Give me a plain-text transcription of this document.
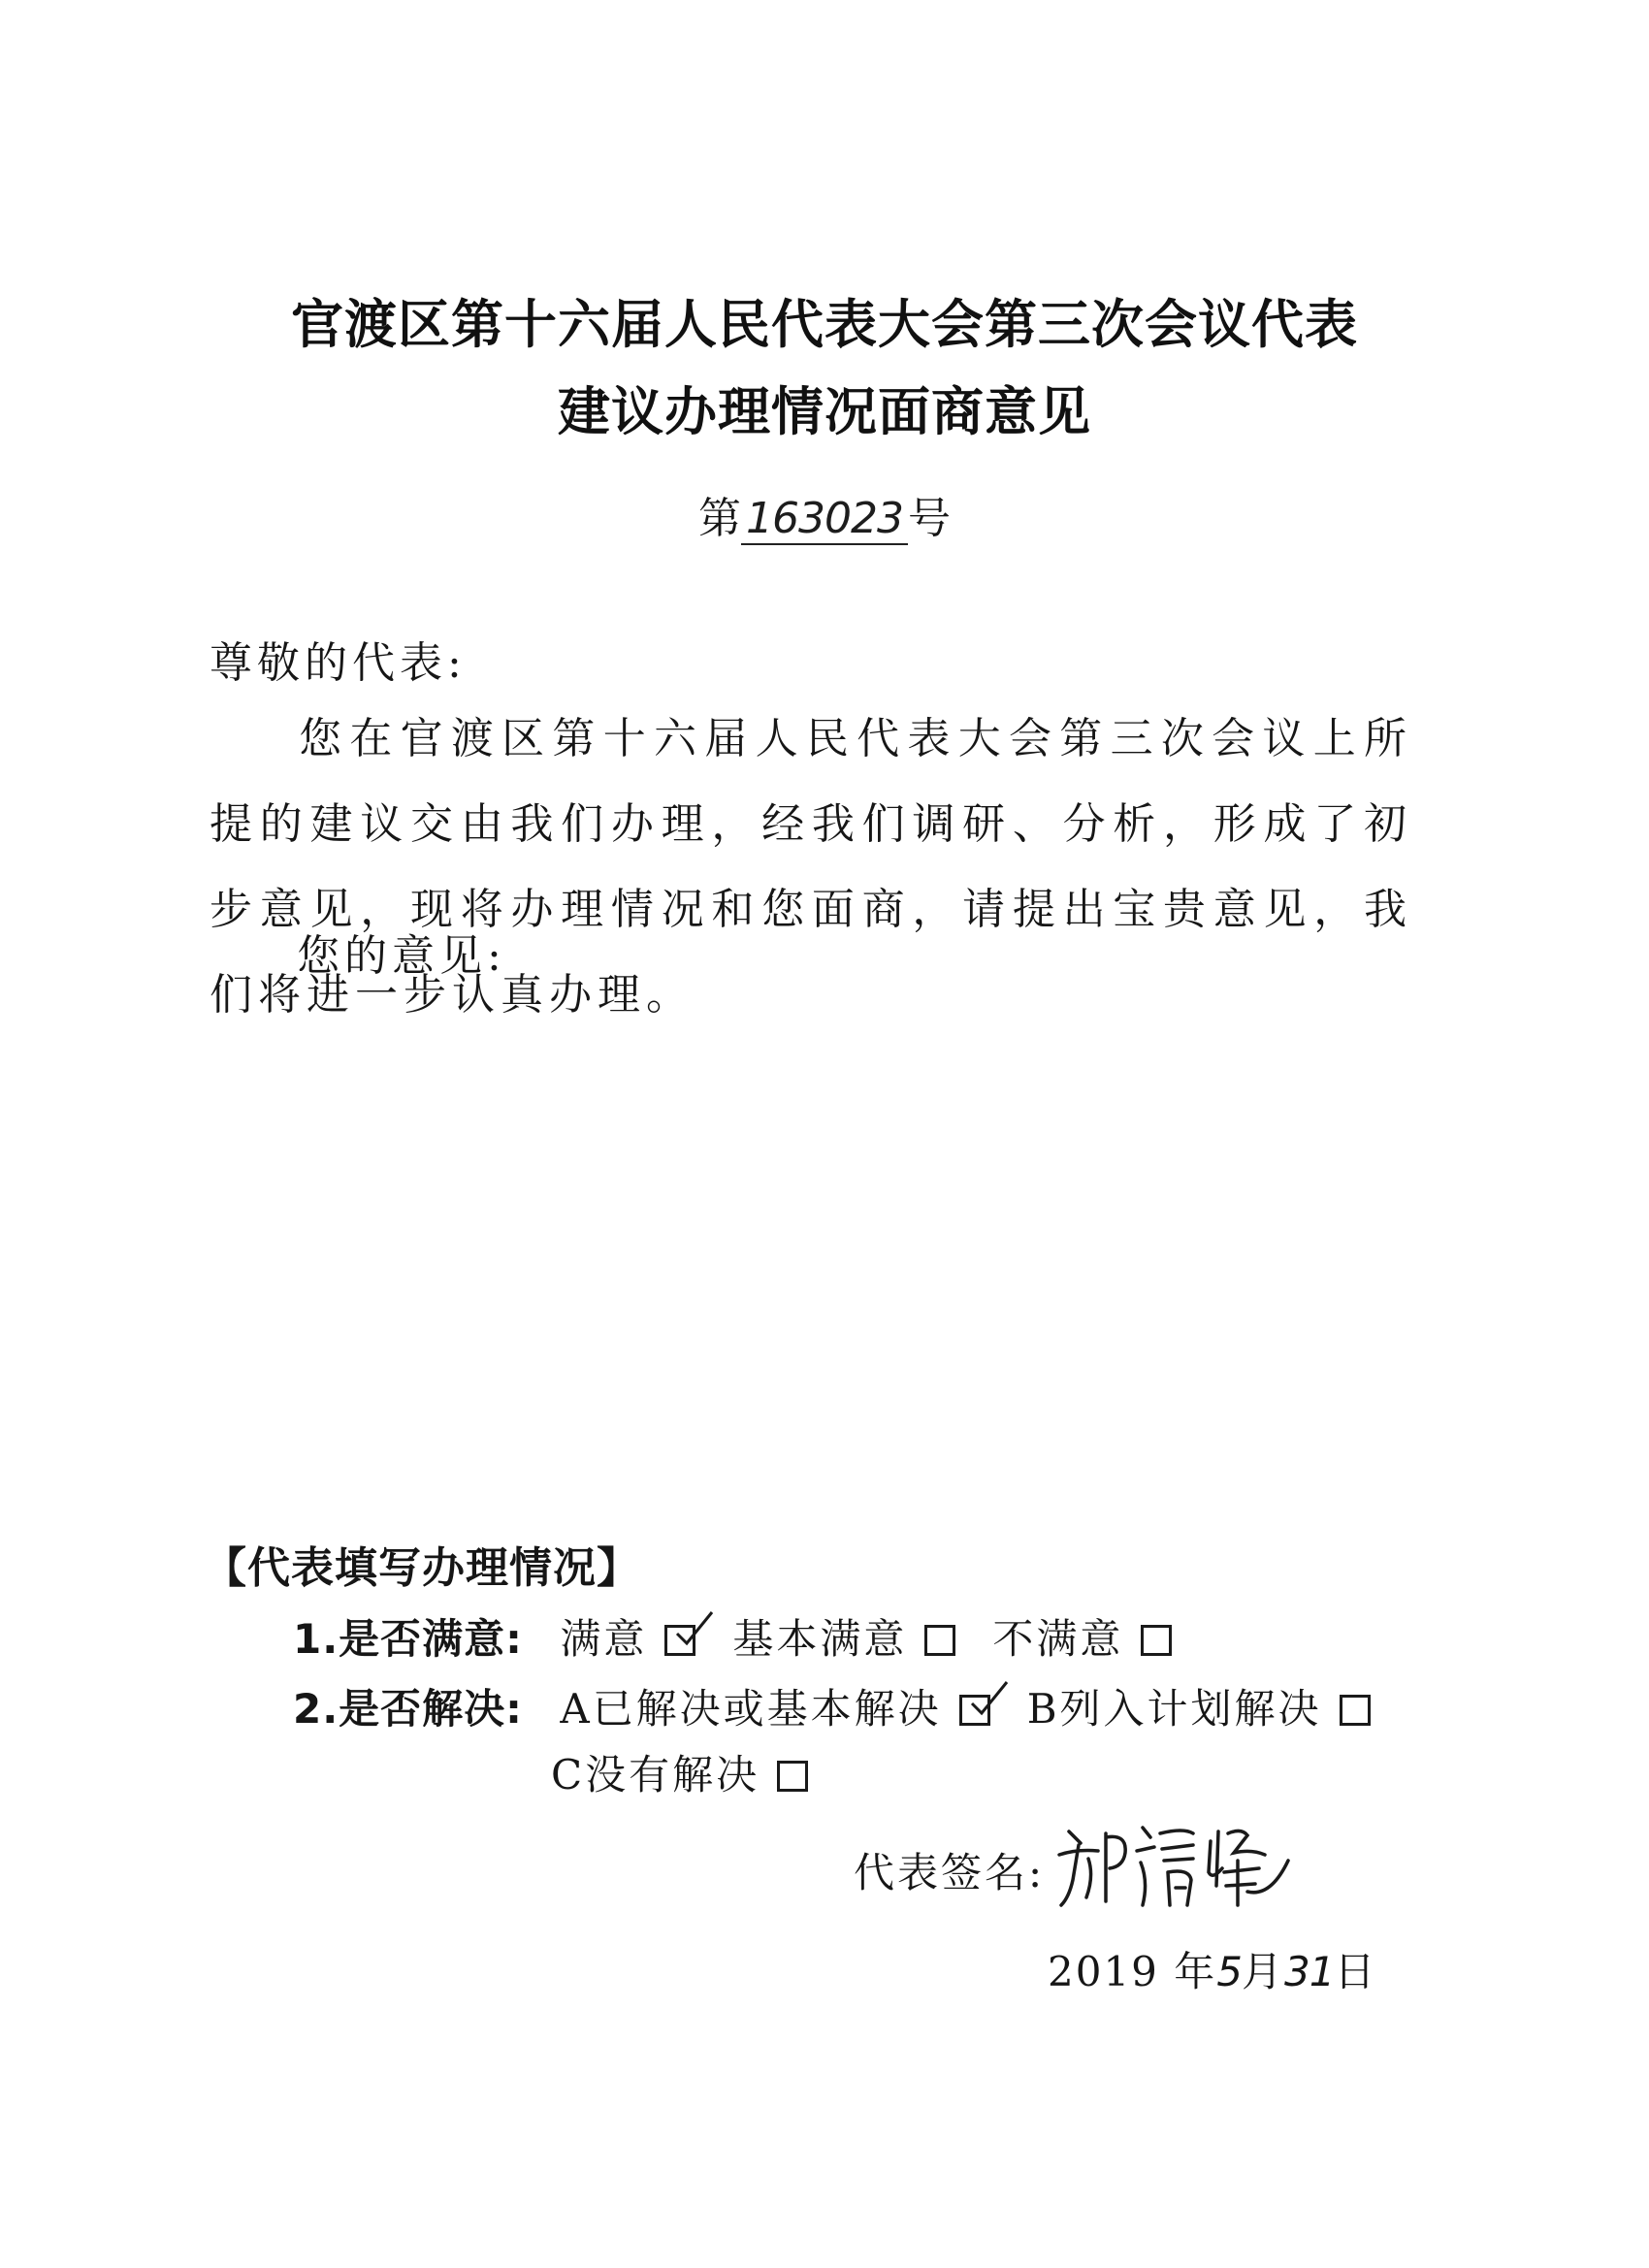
官渡区第十六届人民代表大会第三次会议代表
建议办理情况面商意见
第 163023 号
尊敬的代表:
您在官渡区第十六届人民代表大会第三次会议上所提的建议交由我们办理，经我们调研、分析，形成了初步意见，现将办理情况和您面商，请提出宝贵意见，我们将进一步认真办理。
您的意见:
【代表填写办理情况】
1.是否满意: 满意 基本满意 不满意
2.是否解决: A已解决或基本解决 B列入计划解决
C没有解决
代表签名:
2019 年5月31日
